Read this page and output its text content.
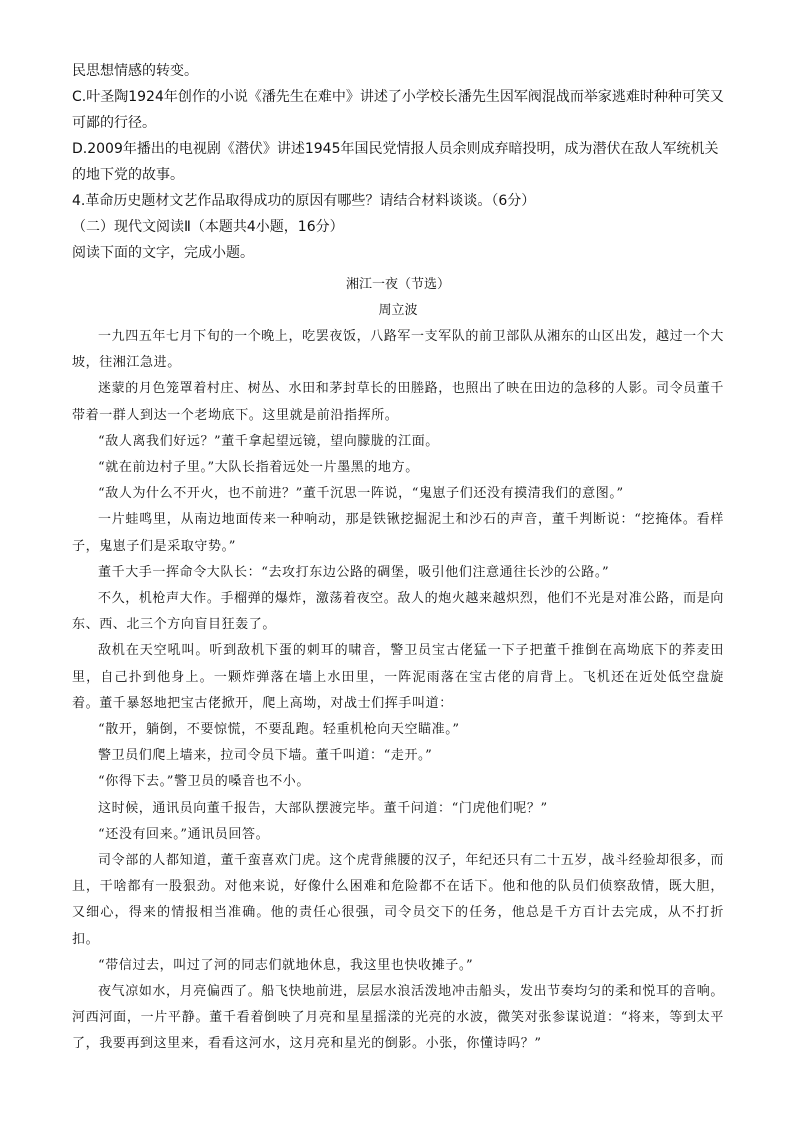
民思想情感的转变。

C.叶圣陶1924年创作的小说《潘先生在难中》讲述了小学校长潘先生因军阀混战而举家逃难时种种可笑又可鄙的行径。

D.2009年播出的电视剧《潜伏》讲述1945年国民党情报人员余则成弃暗投明，成为潜伏在敌人军统机关的地下党的故事。

4.革命历史题材文艺作品取得成功的原因有哪些？请结合材料谈谈。（6分）

（二）现代文阅读Ⅱ（本题共4小题，16分）

阅读下面的文字，完成小题。

湘江一夜（节选）

周立波

一九四五年七月下旬的一个晚上，吃罢夜饭，八路军一支军队的前卫部队从湘东的山区出发，越过一个大坡，往湘江急进。

迷蒙的月色笼罩着村庄、树丛、水田和茅封草长的田塍路，也照出了映在田边的急移的人影。司令员董千带着一群人到达一个老坳底下。这里就是前沿指挥所。

“敌人离我们好远？”董千拿起望远镜，望向朦胧的江面。

“就在前边村子里。”大队长指着远处一片墨黑的地方。

“敌人为什么不开火，也不前进？”董千沉思一阵说，“鬼崽子们还没有摸清我们的意图。”

一片蛙鸣里，从南边地面传来一种响动，那是铁锹挖掘泥土和沙石的声音，董千判断说：“挖掩体。看样子，鬼崽子们是采取守势。”

董千大手一挥命令大队长：“去攻打东边公路的碉堡，吸引他们注意通往长沙的公路。”

不久，机枪声大作。手榴弹的爆炸，激荡着夜空。敌人的炮火越来越炽烈，他们不光是对准公路，而是向东、西、北三个方向盲目狂轰了。

敌机在天空吼叫。听到敌机下蛋的刺耳的啸音，警卫员宝古佬猛一下子把董千推倒在高坳底下的荞麦田里，自己扑到他身上。一颗炸弹落在墙上水田里，一阵泥雨落在宝古佬的肩背上。飞机还在近处低空盘旋着。董千暴怒地把宝古佬掀开，爬上高坳，对战士们挥手叫道：

“散开，躺倒，不要惊慌，不要乱跑。轻重机枪向天空瞄准。”

警卫员们爬上墙来，拉司令员下墙。董千叫道：“走开。”

“你得下去。”警卫员的嗓音也不小。

这时候，通讯员向董千报告，大部队摆渡完毕。董千问道：“门虎他们呢？”

“还没有回来。”通讯员回答。

司令部的人都知道，董千蛮喜欢门虎。这个虎背熊腰的汉子，年纪还只有二十五岁，战斗经验却很多，而且，干啥都有一股狠劲。对他来说，好像什么困难和危险都不在话下。他和他的队员们侦察敌情，既大胆，又细心，得来的情报相当准确。他的责任心很强，司令员交下的任务，他总是千方百计去完成，从不打折扣。

“带信过去，叫过了河的同志们就地休息，我这里也快收摊子。”

夜气凉如水，月亮偏西了。船飞快地前进，层层水浪活泼地冲击船头，发出节奏均匀的柔和悦耳的音响。河西河面，一片平静。董千看着倒映了月亮和星星摇漾的光亮的水波，微笑对张参谋说道：“将来，等到太平了，我要再到这里来，看看这河水，这月亮和星光的倒影。小张，你懂诗吗？”
